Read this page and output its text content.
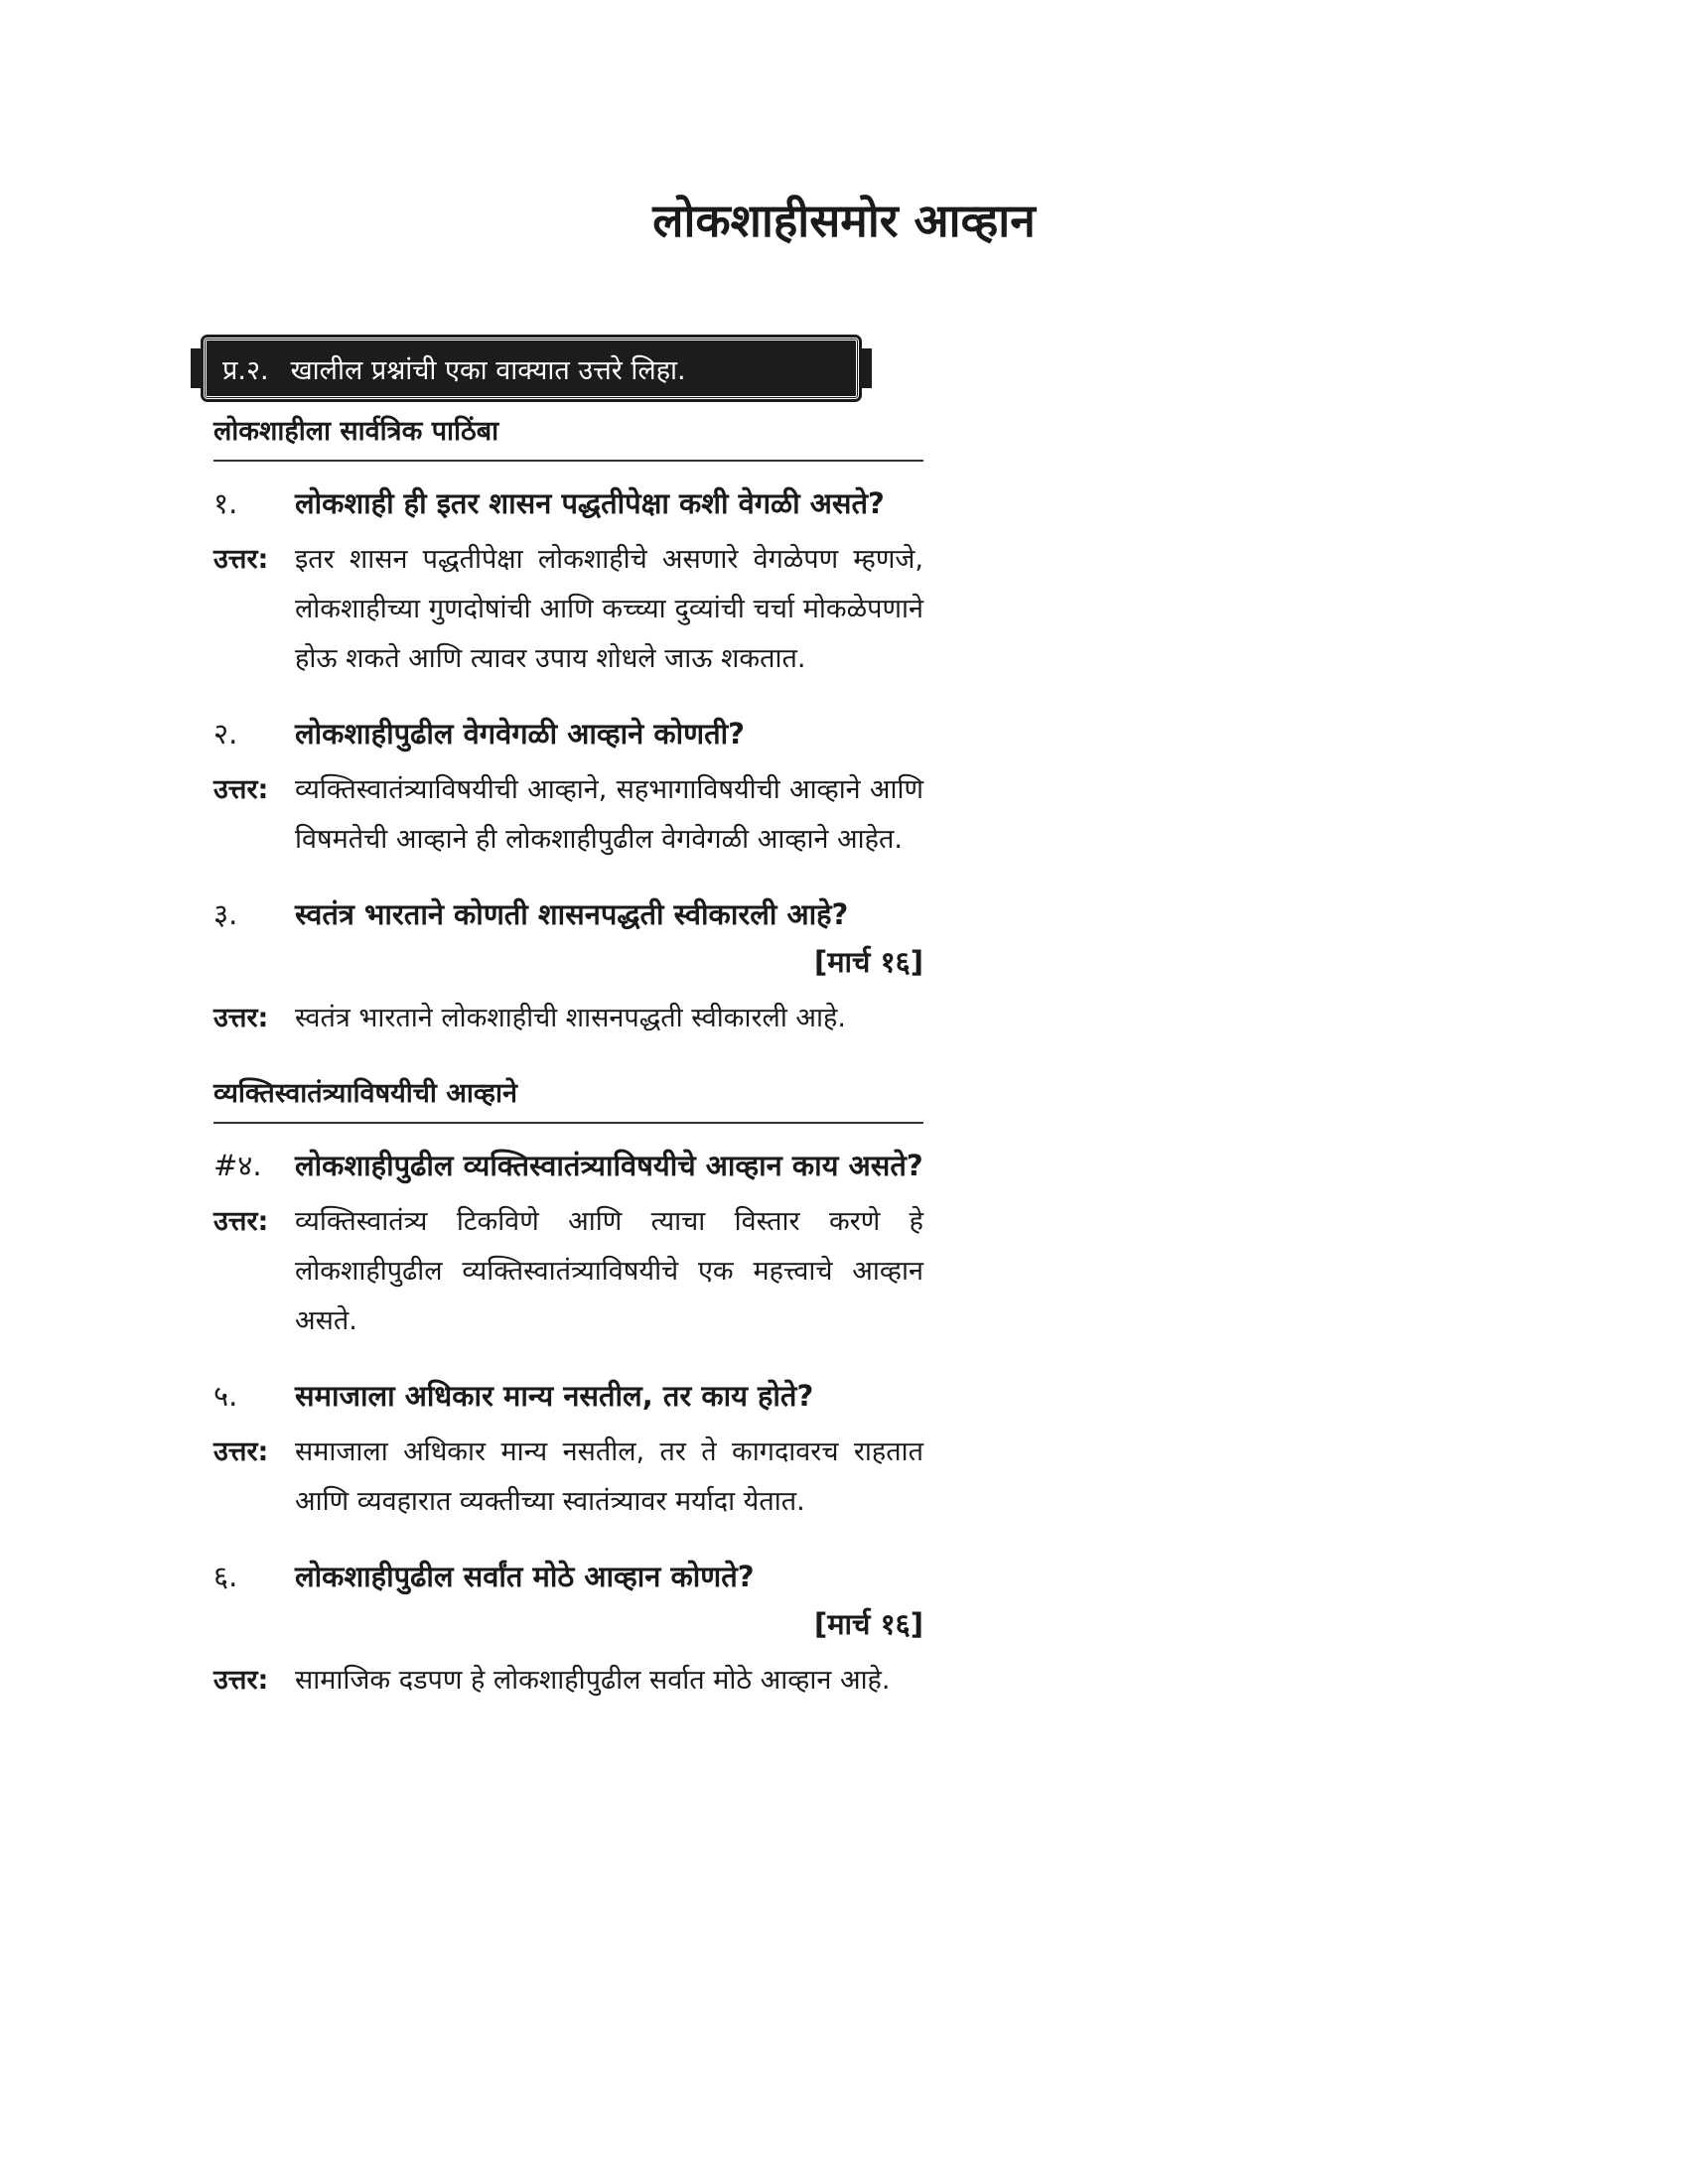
लोकशाहीसमोर आव्हान
प्र.२. खालील प्रश्नांची एका वाक्यात उत्तरे लिहा.
लोकशाहीला सार्वत्रिक पाठिंबा
१.	लोकशाही ही इतर शासन पद्धतीपेक्षा कशी वेगळी असते?
उत्तर: इतर शासन पद्धतीपेक्षा लोकशाहीचे असणारे वेगळेपण म्हणजे, लोकशाहीच्या गुणदोषांची आणि कच्च्या दुव्यांची चर्चा मोकळेपणाने होऊ शकते आणि त्यावर उपाय शोधले जाऊ शकतात.
२.	लोकशाहीपुढील वेगवेगळी आव्हाने कोणती?
उत्तर: व्यक्तिस्वातंत्र्याविषयीची आव्हाने, सहभागाविषयीची आव्हाने आणि विषमतेची आव्हाने ही लोकशाहीपुढील वेगवेगळी आव्हाने आहेत.
३.	स्वतंत्र भारताने कोणती शासनपद्धती स्वीकारली आहे?
[मार्च १६]
उत्तर: स्वतंत्र भारताने लोकशाहीची शासनपद्धती स्वीकारली आहे.
व्यक्तिस्वातंत्र्याविषयीची आव्हाने
#४.	लोकशाहीपुढील व्यक्तिस्वातंत्र्याविषयीचे आव्हान काय असते?
उत्तर: व्यक्तिस्वातंत्र्य टिकविणे आणि त्याचा विस्तार करणे हे लोकशाहीपुढील व्यक्तिस्वातंत्र्याविषयीचे एक महत्त्वाचे आव्हान असते.
५.	समाजाला अधिकार मान्य नसतील, तर काय होते?
उत्तर: समाजाला अधिकार मान्य नसतील, तर ते कागदावरच राहतात आणि व्यवहारात व्यक्तीच्या स्वातंत्र्यावर मर्यादा येतात.
६.	लोकशाहीपुढील सर्वांत मोठे आव्हान कोणते?
[मार्च १६]
उत्तर: सामाजिक दडपण हे लोकशाहीपुढील सर्वात मोठे आव्हान आहे.
